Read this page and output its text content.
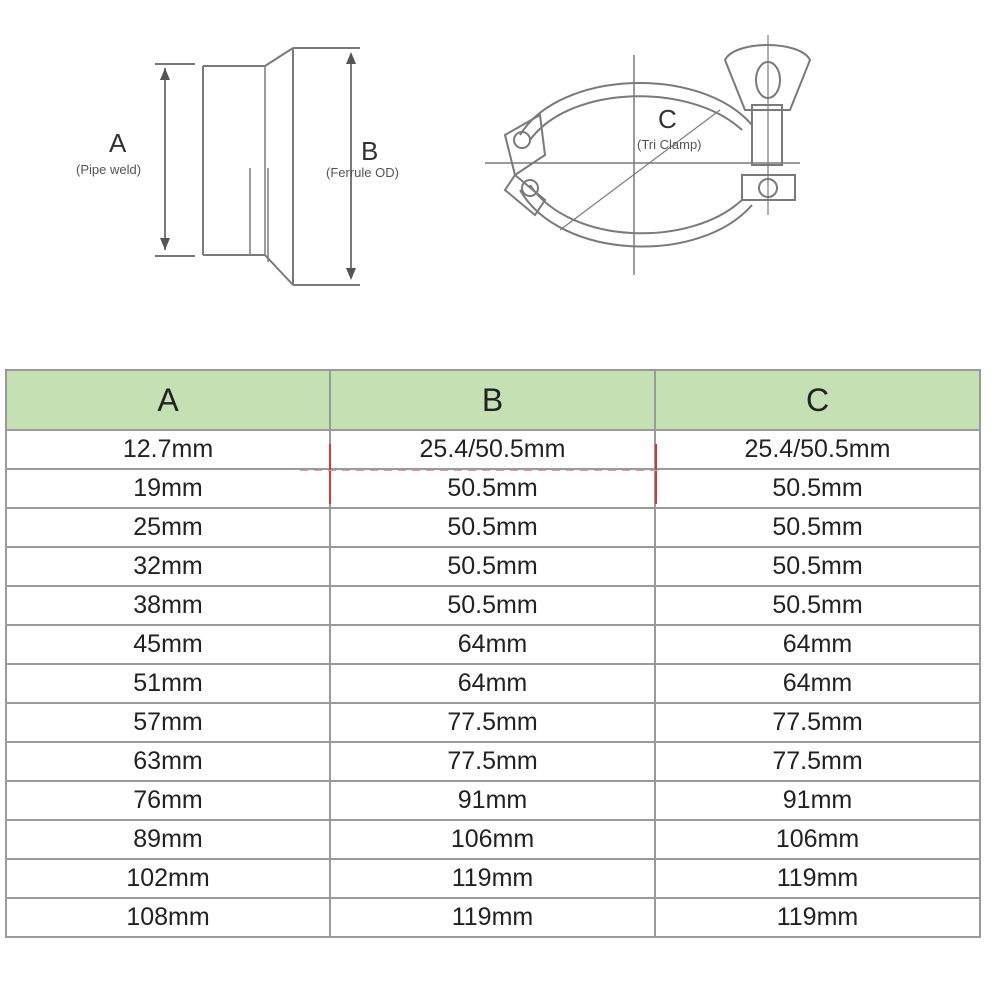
A
(Pipe weld)
B
(Ferrule OD)
C
(Tri Clamp)
A	B	C
12.7mm	25.4/50.5mm	25.4/50.5mm
19mm	50.5mm	50.5mm
25mm	50.5mm	50.5mm
32mm	50.5mm	50.5mm
38mm	50.5mm	50.5mm
45mm	64mm	64mm
51mm	64mm	64mm
57mm	77.5mm	77.5mm
63mm	77.5mm	77.5mm
76mm	91mm	91mm
89mm	106mm	106mm
102mm	119mm	119mm
108mm	119mm	119mm
